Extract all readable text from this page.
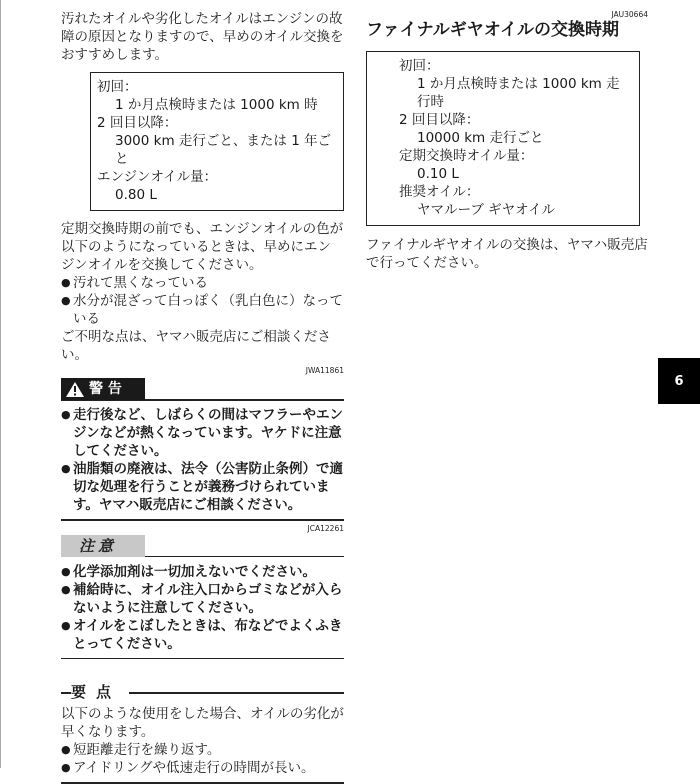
汚れたオイルや劣化したオイルはエンジンの故障の原因となりますので、早めのオイル交換をおすすめします。

初回：
1 か月点検時または 1000 km 時
2 回目以降：
3000 km 走行ごと、または 1 年ごと
エンジンオイル量：
0.80 L

定期交換時期の前でも、エンジンオイルの色が以下のようになっているときは、早めにエンジンオイルを交換してください。

● 汚れて黒くなっている
● 水分が混ざって白っぽく（乳白色に）なっている

ご不明な点は、ヤマハ販売店にご相談ください。

JWA11861
警 告
● 走行後など、しばらくの間はマフラーやエンジンなどが熱くなっています。ヤケドに注意してください。
● 油脂類の廃液は、法令（公害防止条例）で適切な処理を行うことが義務づけられています。ヤマハ販売店にご相談ください。
JCA12261
注意
● 化学添加剤は一切加えないでください。
● 補給時に、オイル注入口からゴミなどが入らないように注意してください。
● オイルをこぼしたときは、布などでよくふきとってください。
要点

以下のような使用をした場合、オイルの劣化が早くなります。

● 短距離走行を繰り返す。
● アイドリングや低速走行の時間が長い。
JAU30664
ファイナルギヤオイルの交換時期
初回：
1 か月点検時または 1000 km 走行時
2 回目以降：
10000 km 走行ごと
定期交換時オイル量：
0.10 L
推奨オイル：
ヤマルーブ ギヤオイル

ファイナルギヤオイルの交換は、ヤマハ販売店で行ってください。

6
